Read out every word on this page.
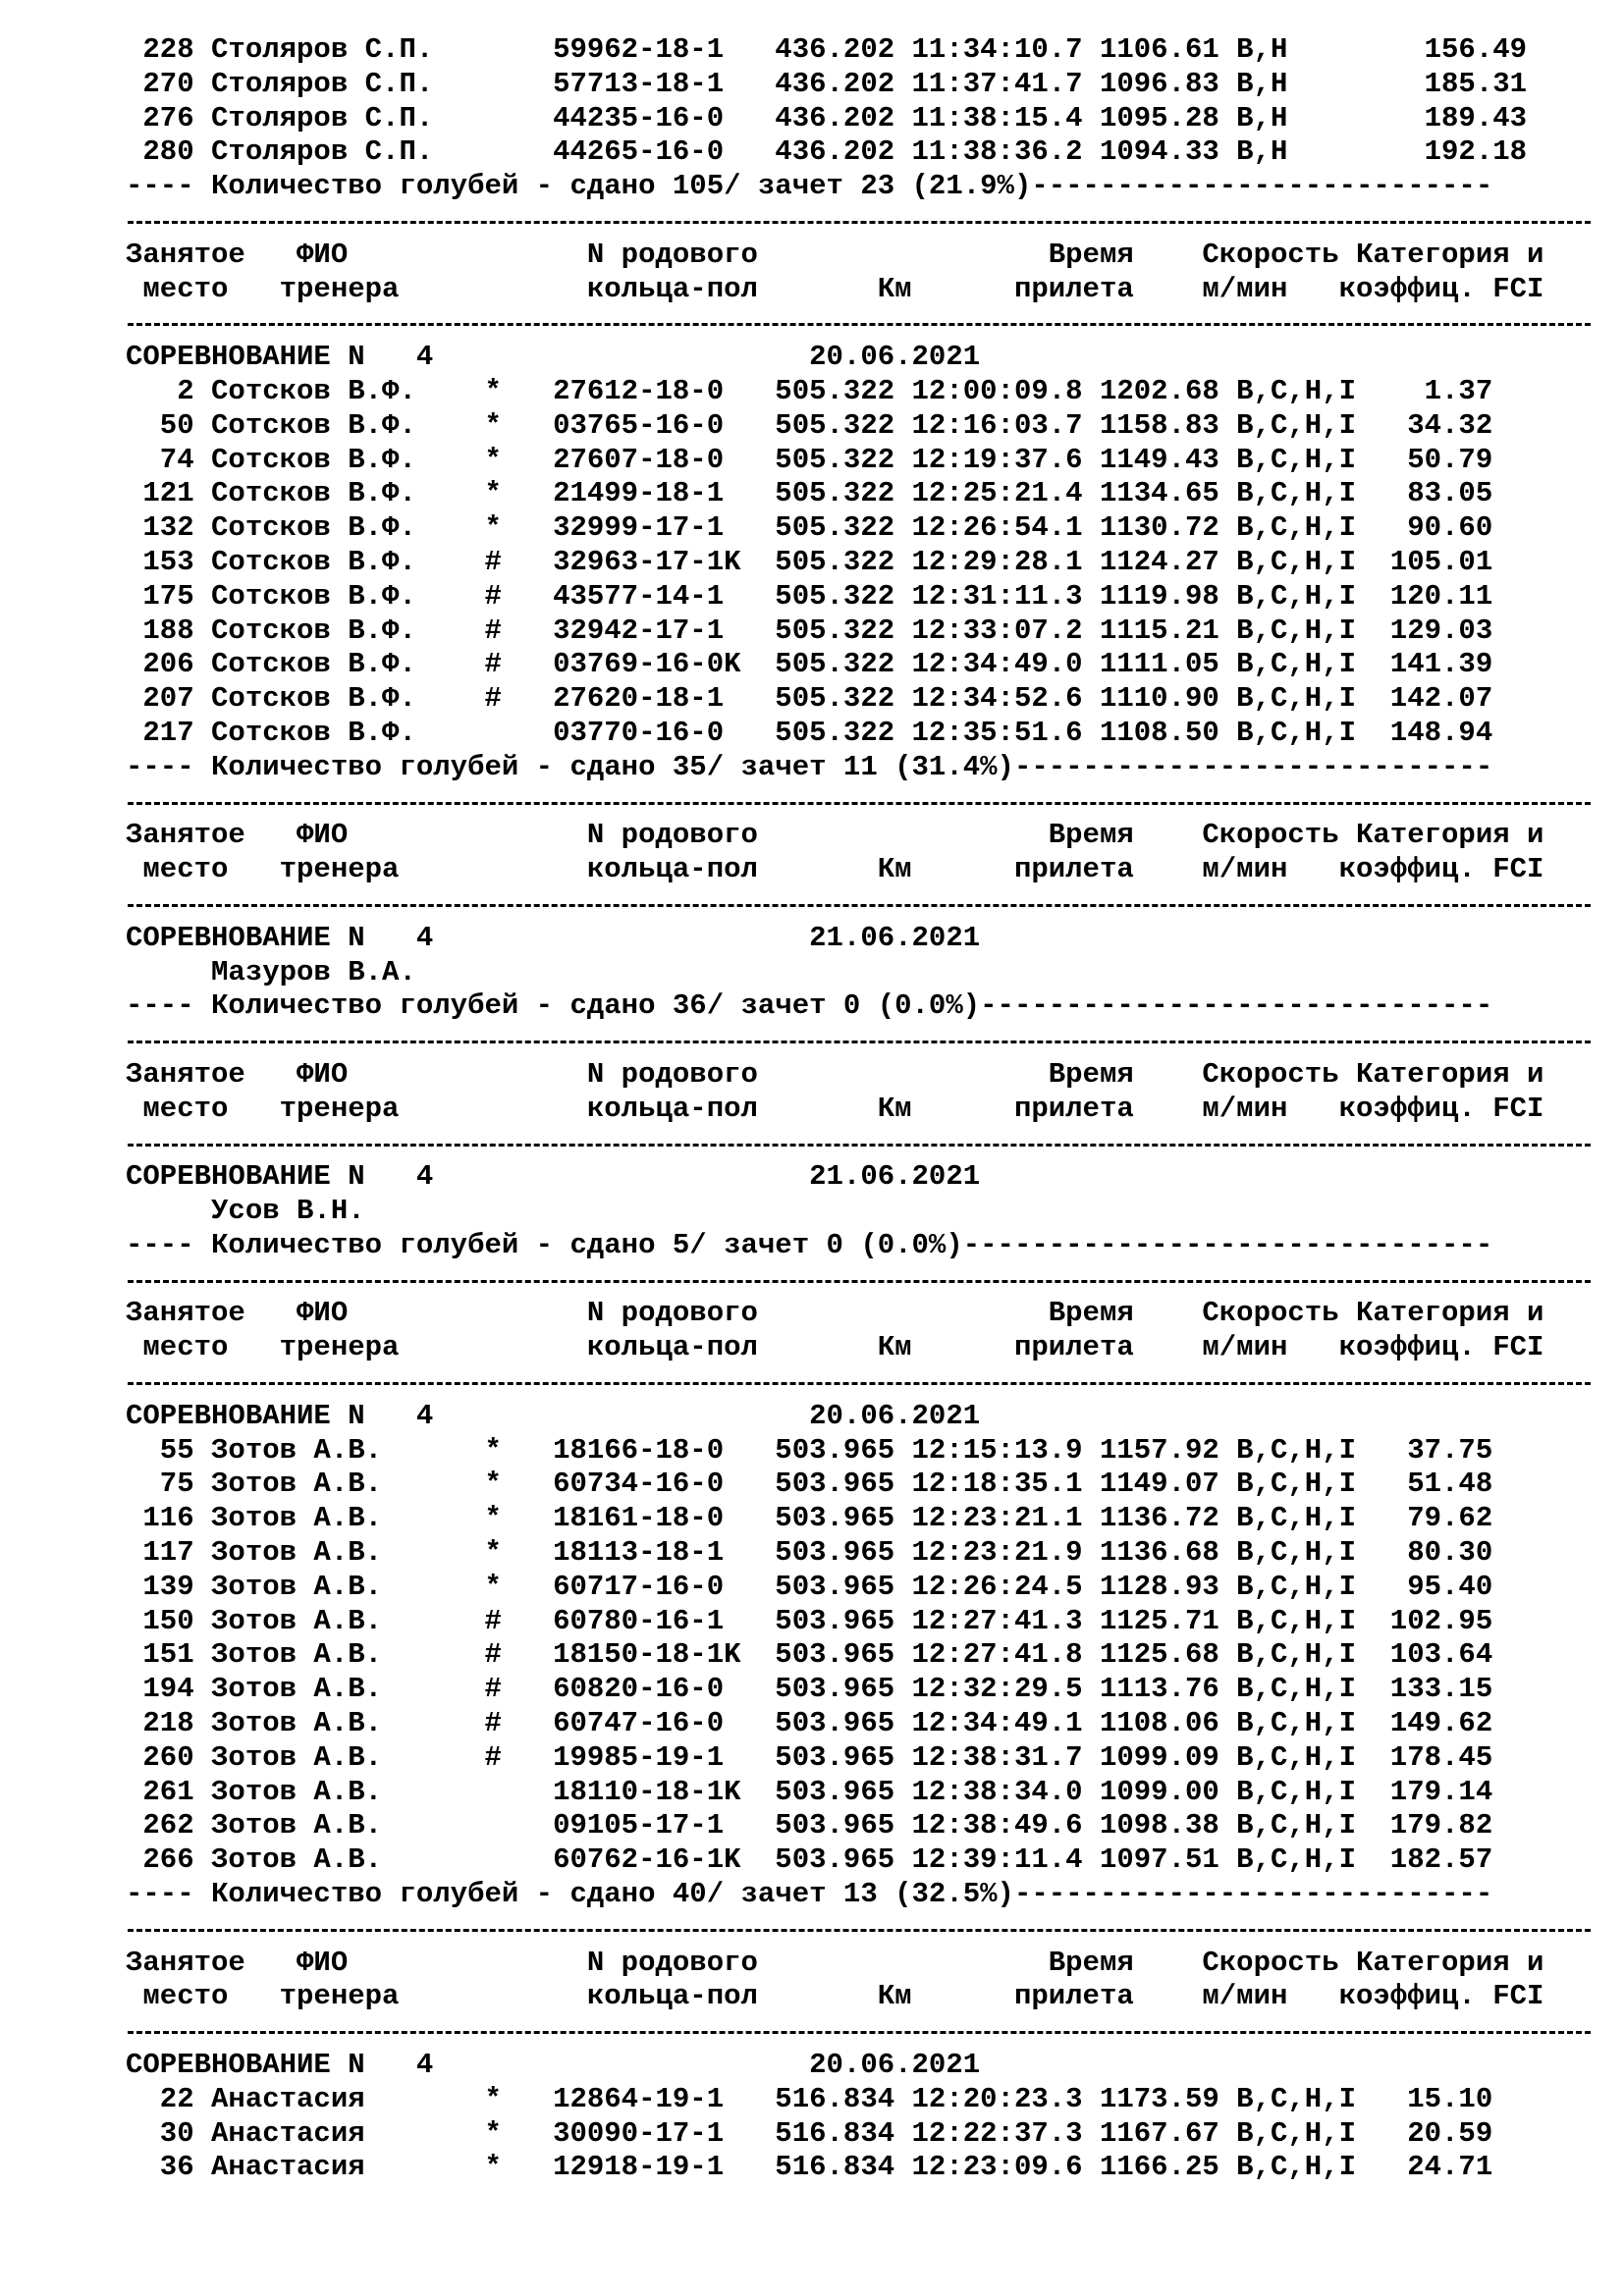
228 Столяров С.П.       59962-18-1   436.202 11:34:10.7 1106.61 В,Н        156.49
270 Столяров С.П.       57713-18-1   436.202 11:37:41.7 1096.83 В,Н        185.31
276 Столяров С.П.       44235-16-0   436.202 11:38:15.4 1095.28 В,Н        189.43
280 Столяров С.П.       44265-16-0   436.202 11:38:36.2 1094.33 В,Н        192.18
---- Количество голубей - сдано 105/ зачет 23 (21.9%)---------------------------
Занятое   ФИО              N родового                 Время    Скорость Категория и
место   тренера           кольца-пол       Км      прилета    м/мин   коэффиц. FCI
СОРЕВНОВАНИЕ N   4                      20.06.2021
2 Сотсков В.Ф.    *   27612-18-0   505.322 12:00:09.8 1202.68 В,С,Н,I    1.37
50 Сотсков В.Ф.    *   03765-16-0   505.322 12:16:03.7 1158.83 В,С,Н,I   34.32
74 Сотсков В.Ф.    *   27607-18-0   505.322 12:19:37.6 1149.43 В,С,Н,I   50.79
121 Сотсков В.Ф.    *   21499-18-1   505.322 12:25:21.4 1134.65 В,С,Н,I   83.05
132 Сотсков В.Ф.    *   32999-17-1   505.322 12:26:54.1 1130.72 В,С,Н,I   90.60
153 Сотсков В.Ф.    #   32963-17-1K  505.322 12:29:28.1 1124.27 В,С,Н,I  105.01
175 Сотсков В.Ф.    #   43577-14-1   505.322 12:31:11.3 1119.98 В,С,Н,I  120.11
188 Сотсков В.Ф.    #   32942-17-1   505.322 12:33:07.2 1115.21 В,С,Н,I  129.03
206 Сотсков В.Ф.    #   03769-16-0K  505.322 12:34:49.0 1111.05 В,С,Н,I  141.39
207 Сотсков В.Ф.    #   27620-18-1   505.322 12:34:52.6 1110.90 В,С,Н,I  142.07
217 Сотсков В.Ф.        03770-16-0   505.322 12:35:51.6 1108.50 В,С,Н,I  148.94
---- Количество голубей - сдано 35/ зачет 11 (31.4%)----------------------------
Занятое   ФИО              N родового                 Время    Скорость Категория и
место   тренера           кольца-пол       Км      прилета    м/мин   коэффиц. FCI
СОРЕВНОВАНИЕ N   4                      21.06.2021
Мазуров В.А.
---- Количество голубей - сдано 36/ зачет 0 (0.0%)------------------------------
Занятое   ФИО              N родового                 Время    Скорость Категория и
место   тренера           кольца-пол       Км      прилета    м/мин   коэффиц. FCI
СОРЕВНОВАНИЕ N   4                      21.06.2021
Усов В.Н.
---- Количество голубей - сдано 5/ зачет 0 (0.0%)-------------------------------
Занятое   ФИО              N родового                 Время    Скорость Категория и
место   тренера           кольца-пол       Км      прилета    м/мин   коэффиц. FCI
СОРЕВНОВАНИЕ N   4                      20.06.2021
55 Зотов А.В.      *   18166-18-0   503.965 12:15:13.9 1157.92 В,С,Н,I   37.75
75 Зотов А.В.      *   60734-16-0   503.965 12:18:35.1 1149.07 В,С,Н,I   51.48
116 Зотов А.В.      *   18161-18-0   503.965 12:23:21.1 1136.72 В,С,Н,I   79.62
117 Зотов А.В.      *   18113-18-1   503.965 12:23:21.9 1136.68 В,С,Н,I   80.30
139 Зотов А.В.      *   60717-16-0   503.965 12:26:24.5 1128.93 В,С,Н,I   95.40
150 Зотов А.В.      #   60780-16-1   503.965 12:27:41.3 1125.71 В,С,Н,I  102.95
151 Зотов А.В.      #   18150-18-1K  503.965 12:27:41.8 1125.68 В,С,Н,I  103.64
194 Зотов А.В.      #   60820-16-0   503.965 12:32:29.5 1113.76 В,С,Н,I  133.15
218 Зотов А.В.      #   60747-16-0   503.965 12:34:49.1 1108.06 В,С,Н,I  149.62
260 Зотов А.В.      #   19985-19-1   503.965 12:38:31.7 1099.09 В,С,Н,I  178.45
261 Зотов А.В.          18110-18-1K  503.965 12:38:34.0 1099.00 В,С,Н,I  179.14
262 Зотов А.В.          09105-17-1   503.965 12:38:49.6 1098.38 В,С,Н,I  179.82
266 Зотов А.В.          60762-16-1K  503.965 12:39:11.4 1097.51 В,С,Н,I  182.57
---- Количество голубей - сдано 40/ зачет 13 (32.5%)----------------------------
Занятое   ФИО              N родового                 Время    Скорость Категория и
место   тренера           кольца-пол       Км      прилета    м/мин   коэффиц. FCI
СОРЕВНОВАНИЕ N   4                      20.06.2021
22 Анастасия       *   12864-19-1   516.834 12:20:23.3 1173.59 В,С,Н,I   15.10
30 Анастасия       *   30090-17-1   516.834 12:22:37.3 1167.67 В,С,Н,I   20.59
36 Анастасия       *   12918-19-1   516.834 12:23:09.6 1166.25 В,С,Н,I   24.71
